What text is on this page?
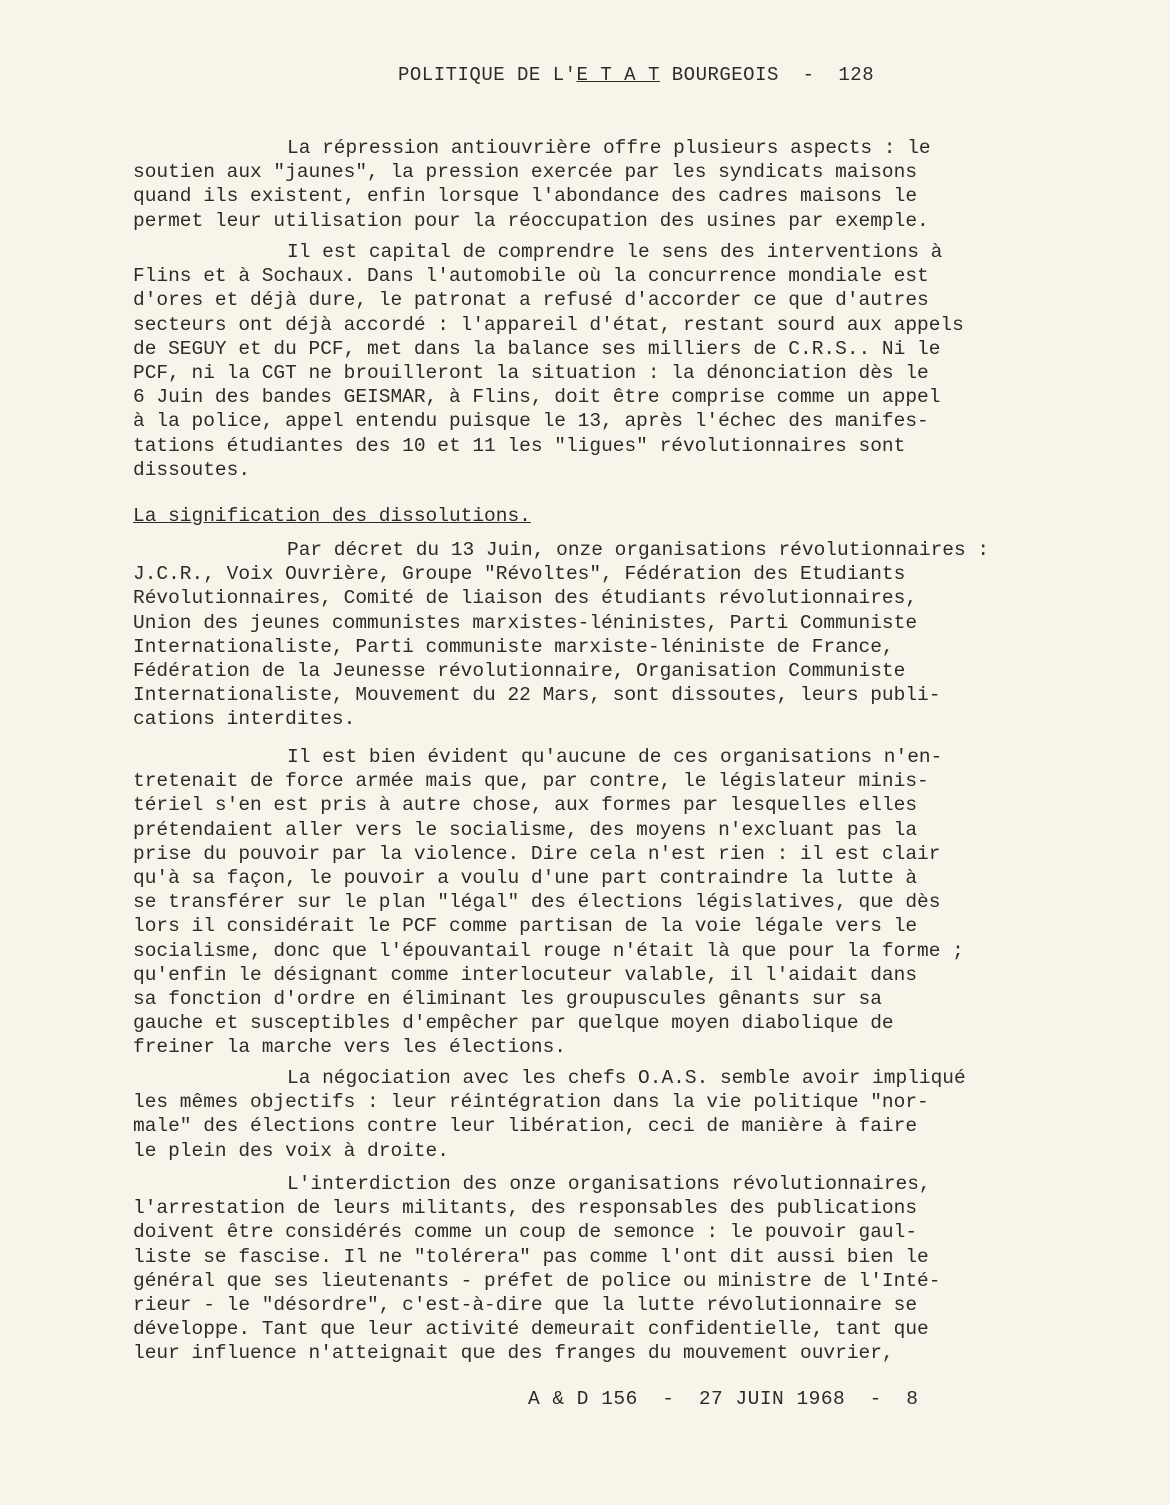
POLITIQUE DE L'E T A T BOURGEOIS  -  128
La répression antiouvrière offre plusieurs aspects : le
soutien aux "jaunes", la pression exercée par les syndicats maisons
quand ils existent, enfin lorsque l'abondance des cadres maisons le
permet leur utilisation pour la réoccupation des usines par exemple.
Il est capital de comprendre le sens des interventions à
Flins et à Sochaux. Dans l'automobile où la concurrence mondiale est
d'ores et déjà dure, le patronat a refusé d'accorder ce que d'autres
secteurs ont déjà accordé : l'appareil d'état, restant sourd aux appels
de SEGUY et du PCF, met dans la balance ses milliers de C.R.S.. Ni le
PCF, ni la CGT ne brouilleront la situation : la dénonciation dès le
6 Juin des bandes GEISMAR, à Flins, doit être comprise comme un appel
à la police, appel entendu puisque le 13, après l'échec des manifes-
tations étudiantes des 10 et 11 les "ligues" révolutionnaires sont
dissoutes.
La signification des dissolutions.
Par décret du 13 Juin, onze organisations révolutionnaires :
J.C.R., Voix Ouvrière, Groupe "Révoltes", Fédération des Etudiants
Révolutionnaires, Comité de liaison des étudiants révolutionnaires,
Union des jeunes communistes marxistes-léninistes, Parti Communiste
Internationaliste, Parti communiste marxiste-léniniste de France,
Fédération de la Jeunesse révolutionnaire, Organisation Communiste
Internationaliste, Mouvement du 22 Mars, sont dissoutes, leurs publi-
cations interdites.
Il est bien évident qu'aucune de ces organisations n'en-
tretenait de force armée mais que, par contre, le législateur minis-
tériel s'en est pris à autre chose, aux formes par lesquelles elles
prétendaient aller vers le socialisme, des moyens n'excluant pas la
prise du pouvoir par la violence. Dire cela n'est rien : il est clair
qu'à sa façon, le pouvoir a voulu d'une part contraindre la lutte à
se transférer sur le plan "légal" des élections législatives, que dès
lors il considérait le PCF comme partisan de la voie légale vers le
socialisme, donc que l'épouvantail rouge n'était là que pour la forme ;
qu'enfin le désignant comme interlocuteur valable, il l'aidait dans
sa fonction d'ordre en éliminant les groupuscules gênants sur sa
gauche et susceptibles d'empêcher par quelque moyen diabolique de
freiner la marche vers les élections.
La négociation avec les chefs O.A.S. semble avoir impliqué
les mêmes objectifs : leur réintégration dans la vie politique "nor-
male" des élections contre leur libération, ceci de manière à faire
le plein des voix à droite.
L'interdiction des onze organisations révolutionnaires,
l'arrestation de leurs militants, des responsables des publications
doivent être considérés comme un coup de semonce : le pouvoir gaul-
liste se fascise. Il ne "tolérera" pas comme l'ont dit aussi bien le
général que ses lieutenants - préfet de police ou ministre de l'Inté-
rieur - le "désordre", c'est-à-dire que la lutte révolutionnaire se
développe. Tant que leur activité demeurait confidentielle, tant que
leur influence n'atteignait que des franges du mouvement ouvrier,
A & D 156  -  27 JUIN 1968  -  8
